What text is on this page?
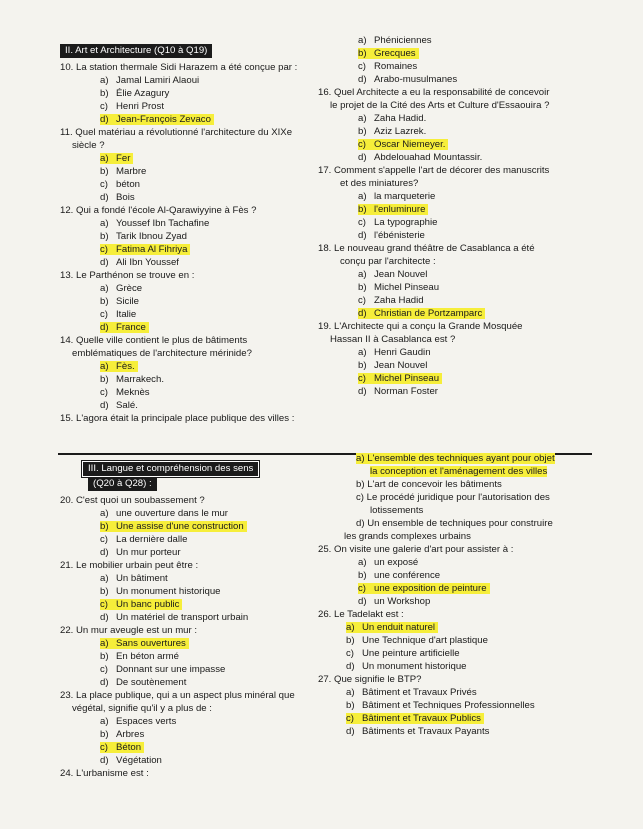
II. Art et Architecture (Q10 à Q19)
10. La station thermale Sidi Harazem a été conçue par :
a) Jamal Lamiri Alaoui
b) Élie Azagury
c) Henri Prost
d) Jean-François Zevaco
11. Quel matériau a révolutionné l'architecture du XIXe
siècle ?
a) Fer
b) Marbre
c) béton
d) Bois
12. Qui a fondé l'école Al-Qarawiyyine à Fès ?
a) Youssef Ibn Tachafine
b) Tarik Ibnou Zyad
c) Fatima Al Fihriya
d) Ali Ibn Youssef
13. Le Parthénon se trouve en :
a) Grèce
b) Sicile
c) Italie
d) France
14. Quelle ville contient le plus de bâtiments
emblématiques de l'architecture mérinide?
a) Fès.
b) Marrakech.
c) Meknès
d) Salé.
15. L'agora était la principale place publique des villes :
a) Phéniciennes
b) Grecques
c) Romaines
d) Arabo-musulmanes
16. Quel Architecte a eu la responsabilité de concevoir
le projet de la Cité des Arts et Culture d'Essaouira ?
a) Zaha Hadid.
b) Aziz Lazrek.
c) Oscar Niemeyer.
d) Abdelouahad Mountassir.
17. Comment s'appelle l'art de décorer des manuscrits
et des miniatures?
a) la marqueterie
b) l'enluminure
c) La typographie
d) l'ébénisterie
18. Le nouveau grand théâtre de Casablanca a été
conçu par l'architecte :
a) Jean Nouvel
b) Michel Pinseau
c) Zaha Hadid
d) Christian de Portzamparc
19. L'Architecte qui a conçu la Grande Mosquée
Hassan II à Casablanca est ?
a) Henri Gaudin
b) Jean Nouvel
c) Michel Pinseau
d) Norman Foster
III. Langue et compréhension des sens
(Q20 à Q28) :
20. C'est quoi un soubassement ?
a) une ouverture dans le mur
b) Une assise d'une construction
c) La dernière dalle
d) Un mur porteur
21. Le mobilier urbain peut être :
a) Un bâtiment
b) Un monument historique
c) Un banc public
d) Un matériel de transport urbain
22. Un mur aveugle est un mur :
a) Sans ouvertures
b) En béton armé
c) Donnant sur une impasse
d) De soutènement
23. La place publique, qui a un aspect plus minéral que
végétal, signifie qu'il y a plus de :
a) Espaces verts
b) Arbres
c) Béton
d) Végétation
24. L'urbanisme est :
a) L'ensemble des techniques ayant pour objet
la conception et l'aménagement des villes
b) L'art de concevoir les bâtiments
c) Le procédé juridique pour l'autorisation des
lotissements
d) Un ensemble de techniques pour construire
les grands complexes urbains
25. On visite une galerie d'art pour assister à :
a) un exposé
b) une conférence
c) une exposition de peinture
d) un Workshop
26. Le Tadelakt est :
a) Un enduit naturel
b) Une Technique d'art plastique
c) Une peinture artificielle
d) Un monument historique
27. Que signifie le BTP?
a) Bâtiment et Travaux Privés
b) Bâtiment et Techniques Professionnelles
c) Bâtiment et Travaux Publics
d) Bâtiments et Travaux Payants
